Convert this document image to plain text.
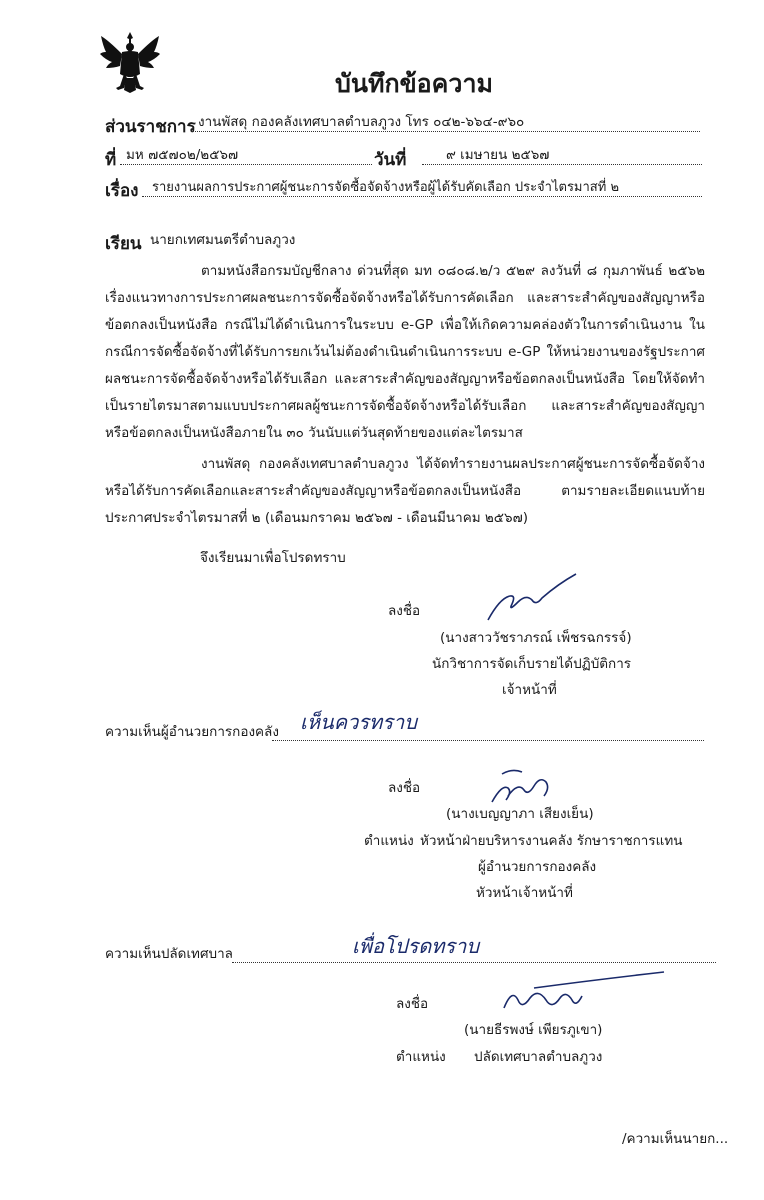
บันทึกข้อความ
ส่วนราชการ งานพัสดุ กองคลังเทศบาลตำบลภูวง โทร ๐๔๒-๖๖๔-๙๖๐
ที่ มห ๗๕๗๐๒/๒๕๖๗	วันที่	๙ เมษายน ๒๕๖๗
เรื่อง รายงานผลการประกาศผู้ชนะการจัดซื้อจัดจ้างหรือผู้ได้รับคัดเลือก ประจำไตรมาสที่ ๒
เรียน นายกเทศมนตรีตำบลภูวง
ตามหนังสือกรมบัญชีกลาง ด่วนที่สุด มท ๐๘๐๘.๒/ว ๕๒๙ ลงวันที่ ๘ กุมภาพันธ์ ๒๕๖๒ เรื่องแนวทางการประกาศผลชนะการจัดซื้อจัดจ้างหรือได้รับการคัดเลือก และสาระสำคัญของสัญญาหรือข้อตกลงเป็นหนังสือ กรณีไม่ได้ดำเนินการในระบบ e-GP เพื่อให้เกิดความคล่องตัวในการดำเนินงาน ในกรณีการจัดซื้อจัดจ้างที่ได้รับการยกเว้นไม่ต้องดำเนินดำเนินการระบบ e-GP ให้หน่วยงานของรัฐประกาศผลชนะการจัดซื้อจัดจ้างหรือได้รับเลือก และสาระสำคัญของสัญญาหรือข้อตกลงเป็นหนังสือ โดยให้จัดทำเป็นรายไตรมาสตามแบบประกาศผลผู้ชนะการจัดซื้อจัดจ้างหรือได้รับเลือก และสาระสำคัญของสัญญาหรือข้อตกลงเป็นหนังสือภายใน ๓๐ วันนับแต่วันสุดท้ายของแต่ละไตรมาส
งานพัสดุ กองคลังเทศบาลตำบลภูวง ได้จัดทำรายงานผลประกาศผู้ชนะการจัดซื้อจัดจ้างหรือได้รับการคัดเลือกและสาระสำคัญของสัญญาหรือข้อตกลงเป็นหนังสือ ตามรายละเอียดแนบท้ายประกาศประจำไตรมาสที่ ๒ (เดือนมกราคม ๒๕๖๗ - เดือนมีนาคม ๒๕๖๗)
จึงเรียนมาเพื่อโปรดทราบ
ลงชื่อ
(นางสาววัชราภรณ์ เพ็ชรฉกรรจ์)
นักวิชาการจัดเก็บรายได้ปฏิบัติการ
เจ้าหน้าที่
ความเห็นผู้อำนวยการกองคลัง เห็นควรทราบ
ลงชื่อ
(นางเบญญาภา เสียงเย็น)
ตำแหน่ง หัวหน้าฝ่ายบริหารงานคลัง รักษาราชการแทน
ผู้อำนวยการกองคลัง
หัวหน้าเจ้าหน้าที่
ความเห็นปลัดเทศบาล	เพื่อโปรดทราบ
ลงชื่อ
(นายธีรพงษ์ เพียรภูเขา)
ตำแหน่ง ปลัดเทศบาลตำบลภูวง
/ความเห็นนายก...
